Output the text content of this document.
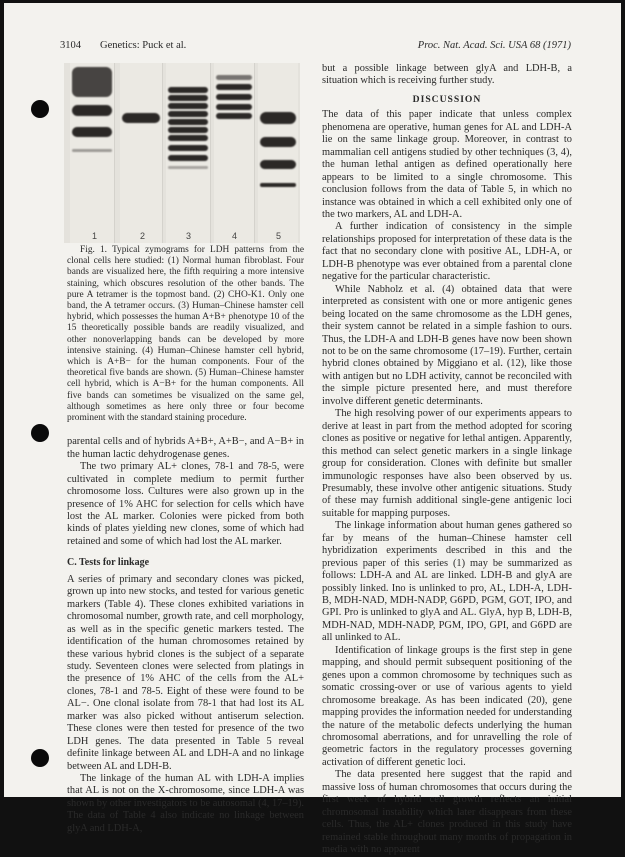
3104 Genetics: Puck et al.	Proc. Nat. Acad. Sci. USA 68 (1971)
1	2	3	4	5

Fig. 1. Typical zymograms for LDH patterns from the clonal cells here studied: (1) Normal human fibroblast. Four bands are visualized here, the fifth requiring a more intensive staining, which obscures resolution of the other bands. The pure A tetramer is the topmost band. (2) CHO-K1. Only one band, the A tetramer occurs. (3) Human–Chinese hamster cell hybrid, which possesses the human A+B+ phenotype 10 of the 15 theoretically possible bands are readily visualized, and other nonoverlapping bands can be developed by more intensive staining. (4) Human–Chinese hamster cell hybrid, which is A+B− for the human components. Four of the theoretical five bands are shown. (5) Human–Chinese hamster cell hybrid, which is A−B+ for the human components. All five bands can sometimes be visualized on the same gel, although sometimes as here only three or four become prominent with the standard staining procedure.

parental cells and of hybrids A+B+, A+B−, and A−B+ in the human lactic dehydrogenase genes.

The two primary AL+ clones, 78-1 and 78-5, were cultivated in complete medium to permit further chromosome loss. Cultures were also grown up in the presence of 1% AHC for selection for cells which have lost the AL marker. Colonies were picked from both kinds of plates yielding new clones, some of which had retained and some of which had lost the AL marker.

C. Tests for linkage

A series of primary and secondary clones was picked, grown up into new stocks, and tested for various genetic markers (Table 4). These clones exhibited variations in chromosomal number, growth rate, and cell morphology, as well as in the specific genetic markers tested. The identification of the human chromosomes retained by these various hybrid clones is the subject of a separate study. Seventeen clones were selected from platings in the presence of 1% AHC of the cells from the AL+ clones, 78-1 and 78-5. Eight of these were found to be AL−. One clonal isolate from 78-1 that had lost its AL marker was also picked without antiserum selection. These clones were then tested for presence of the two LDH genes. The data presented in Table 5 reveal definite linkage between AL and LDH-A and no linkage between AL and LDH-B.

The linkage of the human AL with LDH-A implies that AL is not on the X-chromosome, since LDH-A was shown by other investigators to be autosomal (4, 17–19). The data of Table 4 also indicate no linkage between glyA and LDH-A,

but a possible linkage between glyA and LDH-B, a situation which is receiving further study.

DISCUSSION

The data of this paper indicate that unless complex phenomena are operative, human genes for AL and LDH-A lie on the same linkage group. Moreover, in contrast to mammalian cell antigens studied by other techniques (3, 4), the human lethal antigen as defined operationally here appears to be limited to a single chromosome. This conclusion follows from the data of Table 5, in which no instance was obtained in which a cell exhibited only one of the two markers, AL and LDH-A.

A further indication of consistency in the simple relationships proposed for interpretation of these data is the fact that no secondary clone with positive AL, LDH-A, or LDH-B phenotype was ever obtained from a parental clone negative for the particular characteristic.

While Nabholz et al. (4) obtained data that were interpreted as consistent with one or more antigenic genes being located on the same chromosome as the LDH genes, their system cannot be related in a simple fashion to ours. Thus, the LDH-A and LDH-B genes have now been shown not to be on the same chromosome (17–19). Further, certain hybrid clones obtained by Miggiano et al. (12), like those with antigen but no LDH activity, cannot be reconciled with the simple picture presented here, and must therefore involve different genetic determinants.

The high resolving power of our experiments appears to derive at least in part from the method adopted for scoring clones as positive or negative for lethal antigen. Apparently, this method can select genetic markers in a single linkage group for consideration. Clones with definite but smaller immunologic responses have also been observed by us. Presumably, these involve other antigenic situations. Study of these may furnish additional single-gene antigenic loci suitable for mapping purposes.

The linkage information about human genes gathered so far by means of the human–Chinese hamster cell hybridization experiments described in this and the previous paper of this series (1) may be summarized as follows: LDH-A and AL are linked. LDH-B and glyA are possibly linked. Ino is unlinked to pro, AL, LDH-A, LDH-B, MDH-NAD, MDH-NADP, G6PD, PGM, GOT, IPO, and GPI. Pro is unlinked to glyA and AL. GlyA, hyp B, LDH-B, MDH-NAD, MDH-NADP, PGM, IPO, GPI, and G6PD are all unlinked to AL.

Identification of linkage groups is the first step in gene mapping, and should permit subsequent positioning of the genes upon a common chromosome by techniques such as somatic crossing-over or use of various agents to yield chromosome breakage. As has been indicated (20), gene mapping provides the information needed for understanding the nature of the metabolic defects underlying the human chromosomal aberrations, and for unravelling the role of geometric factors in the regulatory processes governing activation of different genetic loci.

The data presented here suggest that the rapid and massive loss of human chromosomes that occurs during the first week of hybrid cell growth reflects an initial chromosomal instability which later disappears from these cells. Thus, the AL+ clones produced in this study have remained stable throughout many months of propagation in media with no apparent
